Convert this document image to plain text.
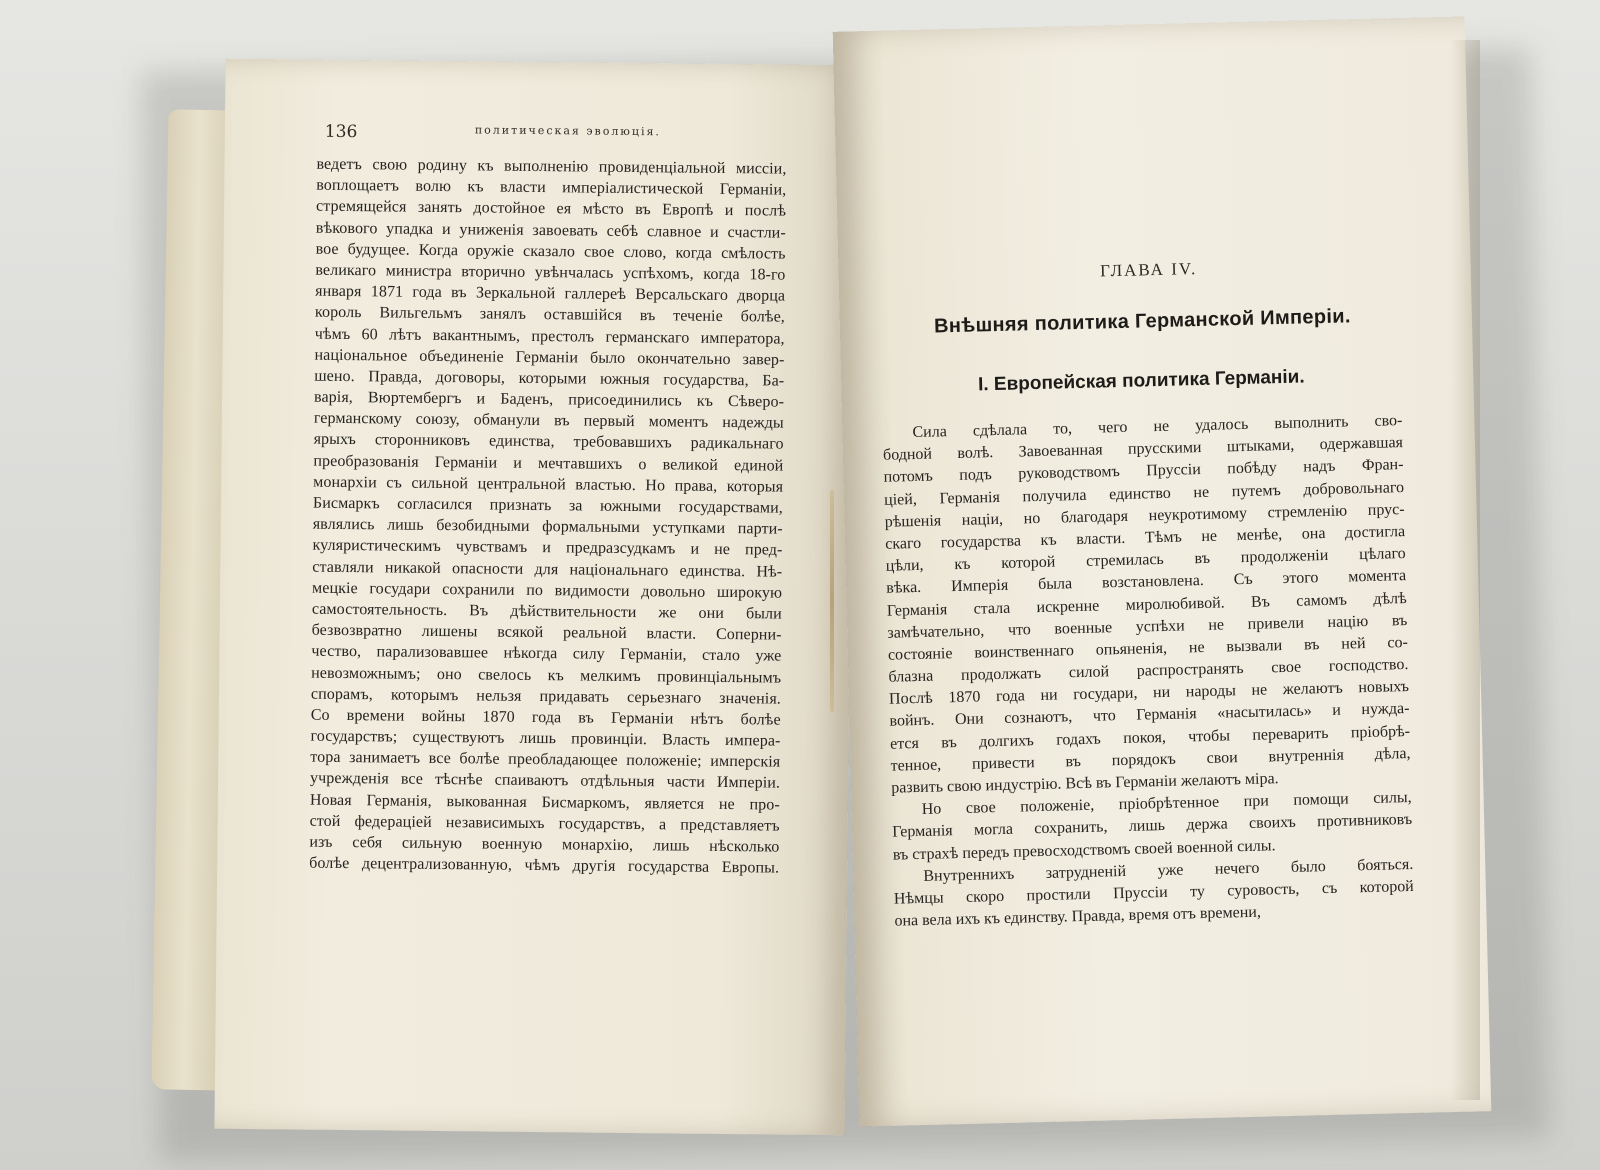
136	политическая эволюція.
ведетъ свою родину къ выполненію провиденціальной миссіи,
воплощаетъ волю къ власти имперіалистической Германіи,
стремящейся занять достойное ея мѣсто въ Европѣ и послѣ
вѣкового упадка и униженія завоевать себѣ славное и счастли-
вое будущее. Когда оружіе сказало свое слово, когда смѣлость
великаго министра вторично увѣнчалась успѣхомъ, когда 18-го
января 1871 года въ Зеркальной галлереѣ Версальскаго дворца
король Вильгельмъ занялъ оставшійся въ теченіе болѣе,
чѣмъ 60 лѣтъ вакантнымъ, престолъ германскаго императора,
національное объединеніе Германіи было окончательно завер-
шено. Правда, договоры, которыми южныя государства, Ба-
варія, Вюртембергъ и Баденъ, присоединились къ Сѣверо-
германскому союзу, обманули въ первый моментъ надежды
ярыхъ сторонниковъ единства, требовавшихъ радикальнаго
преобразованія Германіи и мечтавшихъ о великой единой
монархіи съ сильной центральной властью. Но права, которыя
Бисмаркъ согласился признать за южными государствами,
являлись лишь безобидными формальными уступками парти-
куляристическимъ чувствамъ и предразсудкамъ и не пред-
ставляли никакой опасности для національнаго единства. Нѣ-
мецкіе государи сохранили по видимости довольно широкую
самостоятельность. Въ дѣйствительности же они были
безвозвратно лишены всякой реальной власти. Соперни-
чество, парализовавшее нѣкогда силу Германіи, стало уже
невозможнымъ; оно свелось къ мелкимъ провинціальнымъ
спорамъ, которымъ нельзя придавать серьезнаго значенія.
Со времени войны 1870 года въ Германіи нѣтъ болѣе
государствъ; существуютъ лишь провинціи. Власть импера-
тора занимаетъ все болѣе преобладающее положеніе; имперскія
учрежденія все тѣснѣе спаиваютъ отдѣльныя части Имперіи.
Новая Германія, выкованная Бисмаркомъ, является не про-
стой федераціей независимыхъ государствъ, а представляетъ
изъ себя сильную военную монархію, лишь нѣсколько
болѣе децентрализованную, чѣмъ другія государства Европы.
ГЛАВА IV.
Внѣшняя политика Германской Имперіи.
I. Европейская политика Германіи.
Сила сдѣлала то, чего не удалось выполнить сво-
бодной волѣ. Завоеванная прусскими штыками, одержавшая
потомъ подъ руководствомъ Пруссіи побѣду надъ Фран-
ціей, Германія получила единство не путемъ добровольнаго
рѣшенія націи, но благодаря неукротимому стремленію прус-
скаго государства къ власти. Тѣмъ не менѣе, она достигла
цѣли, къ которой стремилась въ продолженіи цѣлаго
вѣка. Имперія была возстановлена. Съ этого момента
Германія стала искренне миролюбивой. Въ самомъ дѣлѣ
замѣчательно, что военные успѣхи не привели націю въ
состояніе воинственнаго опьяненія, не вызвали въ ней со-
блазна продолжать силой распространять свое господство.
Послѣ 1870 года ни государи, ни народы не желаютъ новыхъ
войнъ. Они сознаютъ, что Германія «насытилась» и нужда-
ется въ долгихъ годахъ покоя, чтобы переварить пріобрѣ-
тенное, привести въ порядокъ свои внутреннія дѣла,
развить свою индустрію. Всѣ въ Германіи желаютъ міра.
Но свое положеніе, пріобрѣтенное при помощи силы,
Германія могла сохранить, лишь держа своихъ противниковъ
въ страхѣ передъ превосходствомъ своей военной силы.
Внутреннихъ затрудненій уже нечего было бояться.
Нѣмцы скоро простили Пруссіи ту суровость, съ которой
она вела ихъ къ единству. Правда, время отъ времени,
